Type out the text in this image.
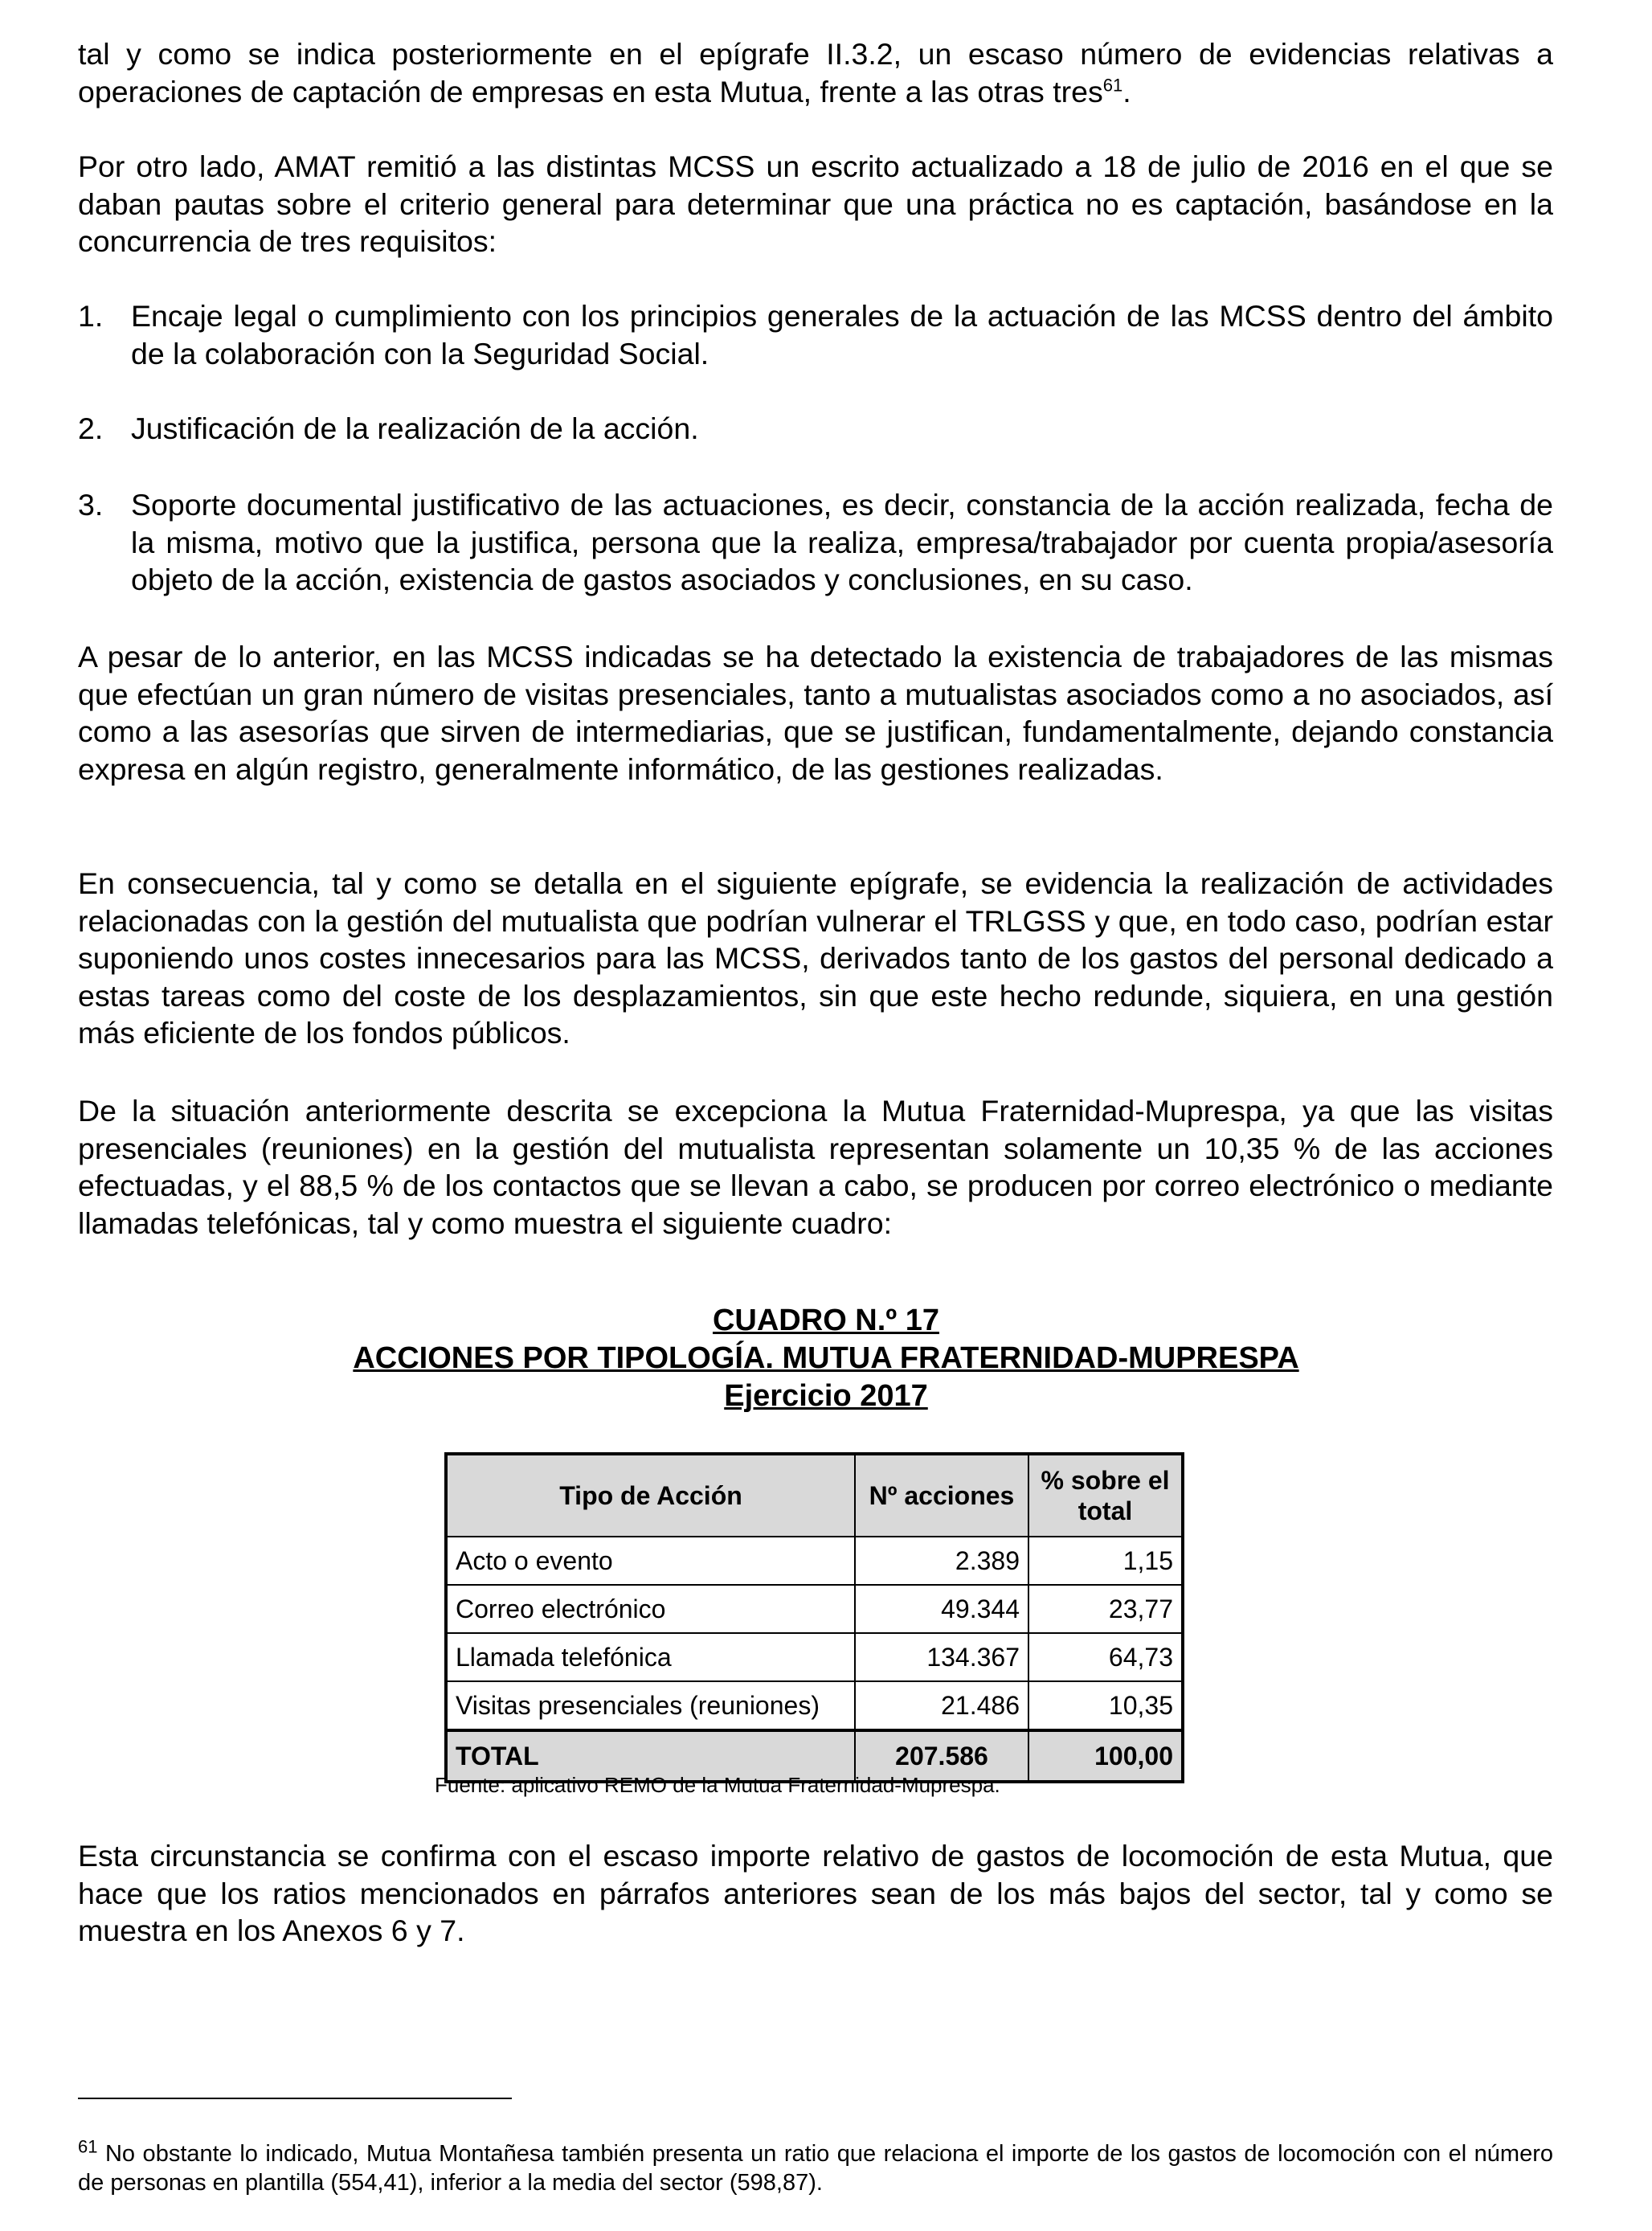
tal y como se indica posteriormente en el epígrafe II.3.2, un escaso número de evidencias relativas a operaciones de captación de empresas en esta Mutua, frente a las otras tres$^{61}$.

Por otro lado, AMAT remitió a las distintas MCSS un escrito actualizado a 18 de julio de 2016 en el que se daban pautas sobre el criterio general para determinar que una práctica no es captación, basándose en la concurrencia de tres requisitos:

1. Encaje legal o cumplimiento con los principios generales de la actuación de las MCSS dentro del ámbito de la colaboración con la Seguridad Social.
2. Justificación de la realización de la acción.
3. Soporte documental justificativo de las actuaciones, es decir, constancia de la acción realizada, fecha de la misma, motivo que la justifica, persona que la realiza, empresa/trabajador por cuenta propia/asesoría objeto de la acción, existencia de gastos asociados y conclusiones, en su caso.

A pesar de lo anterior, en las MCSS indicadas se ha detectado la existencia de trabajadores de las mismas que efectúan un gran número de visitas presenciales, tanto a mutualistas asociados como a no asociados, así como a las asesorías que sirven de intermediarias, que se justifican, fundamentalmente, dejando constancia expresa en algún registro, generalmente informático, de las gestiones realizadas.

En consecuencia, tal y como se detalla en el siguiente epígrafe, se evidencia la realización de actividades relacionadas con la gestión del mutualista que podrían vulnerar el TRLGSS y que, en todo caso, podrían estar suponiendo unos costes innecesarios para las MCSS, derivados tanto de los gastos del personal dedicado a estas tareas como del coste de los desplazamientos, sin que este hecho redunde, siquiera, en una gestión más eficiente de los fondos públicos.

De la situación anteriormente descrita se excepciona la Mutua Fraternidad-Muprespa, ya que las visitas presenciales (reuniones) en la gestión del mutualista representan solamente un 10,35 % de las acciones efectuadas, y el 88,5 % de los contactos que se llevan a cabo, se producen por correo electrónico o mediante llamadas telefónicas, tal y como muestra el siguiente cuadro:

CUADRO N.º 17
ACCIONES POR TIPOLOGÍA. MUTUA FRATERNIDAD-MUPRESPA
Ejercicio 2017
Tipo de Acción	Nº acciones	% sobre el total
Acto o evento	2.389	1,15
Correo electrónico	49.344	23,77
Llamada telefónica	134.367	64,73
Visitas presenciales (reuniones)	21.486	10,35
TOTAL	207.586	100,00
Fuente: aplicativo REMO de la Mutua Fraternidad-Muprespa.

Esta circunstancia se confirma con el escaso importe relativo de gastos de locomoción de esta Mutua, que hace que los ratios mencionados en párrafos anteriores sean de los más bajos del sector, tal y como se muestra en los Anexos 6 y 7.

$^{61}$ No obstante lo indicado, Mutua Montañesa también presenta un ratio que relaciona el importe de los gastos de locomoción con el número de personas en plantilla (554,41), inferior a la media del sector (598,87).
